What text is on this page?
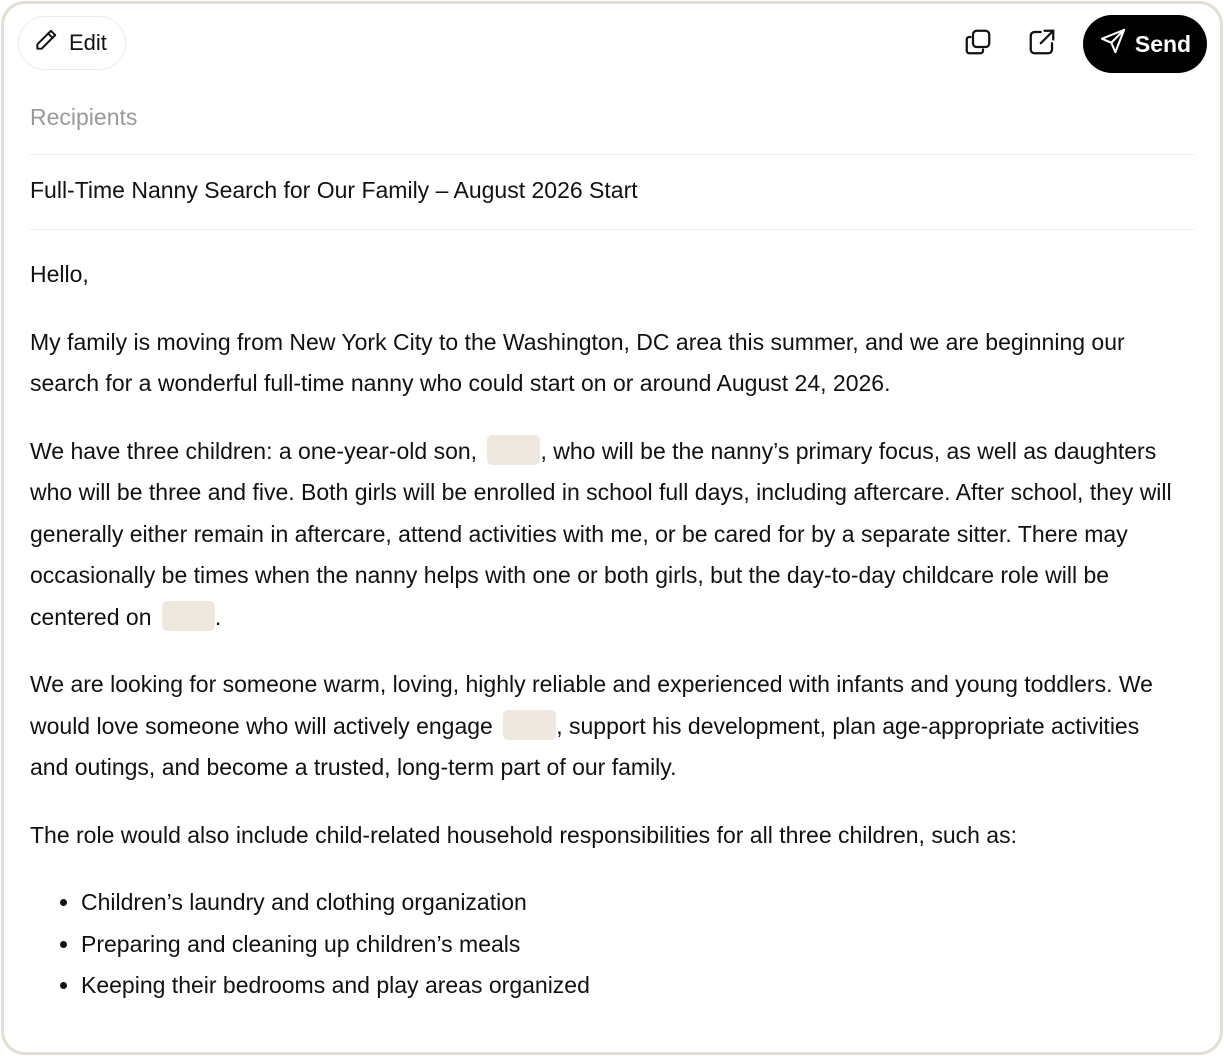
Edit	Send
Recipients
Full-Time Nanny Search for Our Family – August 2026 Start

Hello,

My family is moving from New York City to the Washington, DC area this summer, and we are beginning our search for a wonderful full-time nanny who could start on or around August 24, 2026.

We have three children: a one-year-old son, , who will be the nanny’s primary focus, as well as daughters who will be three and five. Both girls will be enrolled in school full days, including aftercare. After school, they will generally either remain in aftercare, attend activities with me, or be cared for by a separate sitter. There may occasionally be times when the nanny helps with one or both girls, but the day-to-day childcare role will be centered on .

We are looking for someone warm, loving, highly reliable and experienced with infants and young toddlers. We would love someone who will actively engage , support his development, plan age-appropriate activities and outings, and become a trusted, long-term part of our family.

The role would also include child-related household responsibilities for all three children, such as:

• Children’s laundry and clothing organization
• Preparing and cleaning up children’s meals
• Keeping their bedrooms and play areas organized
